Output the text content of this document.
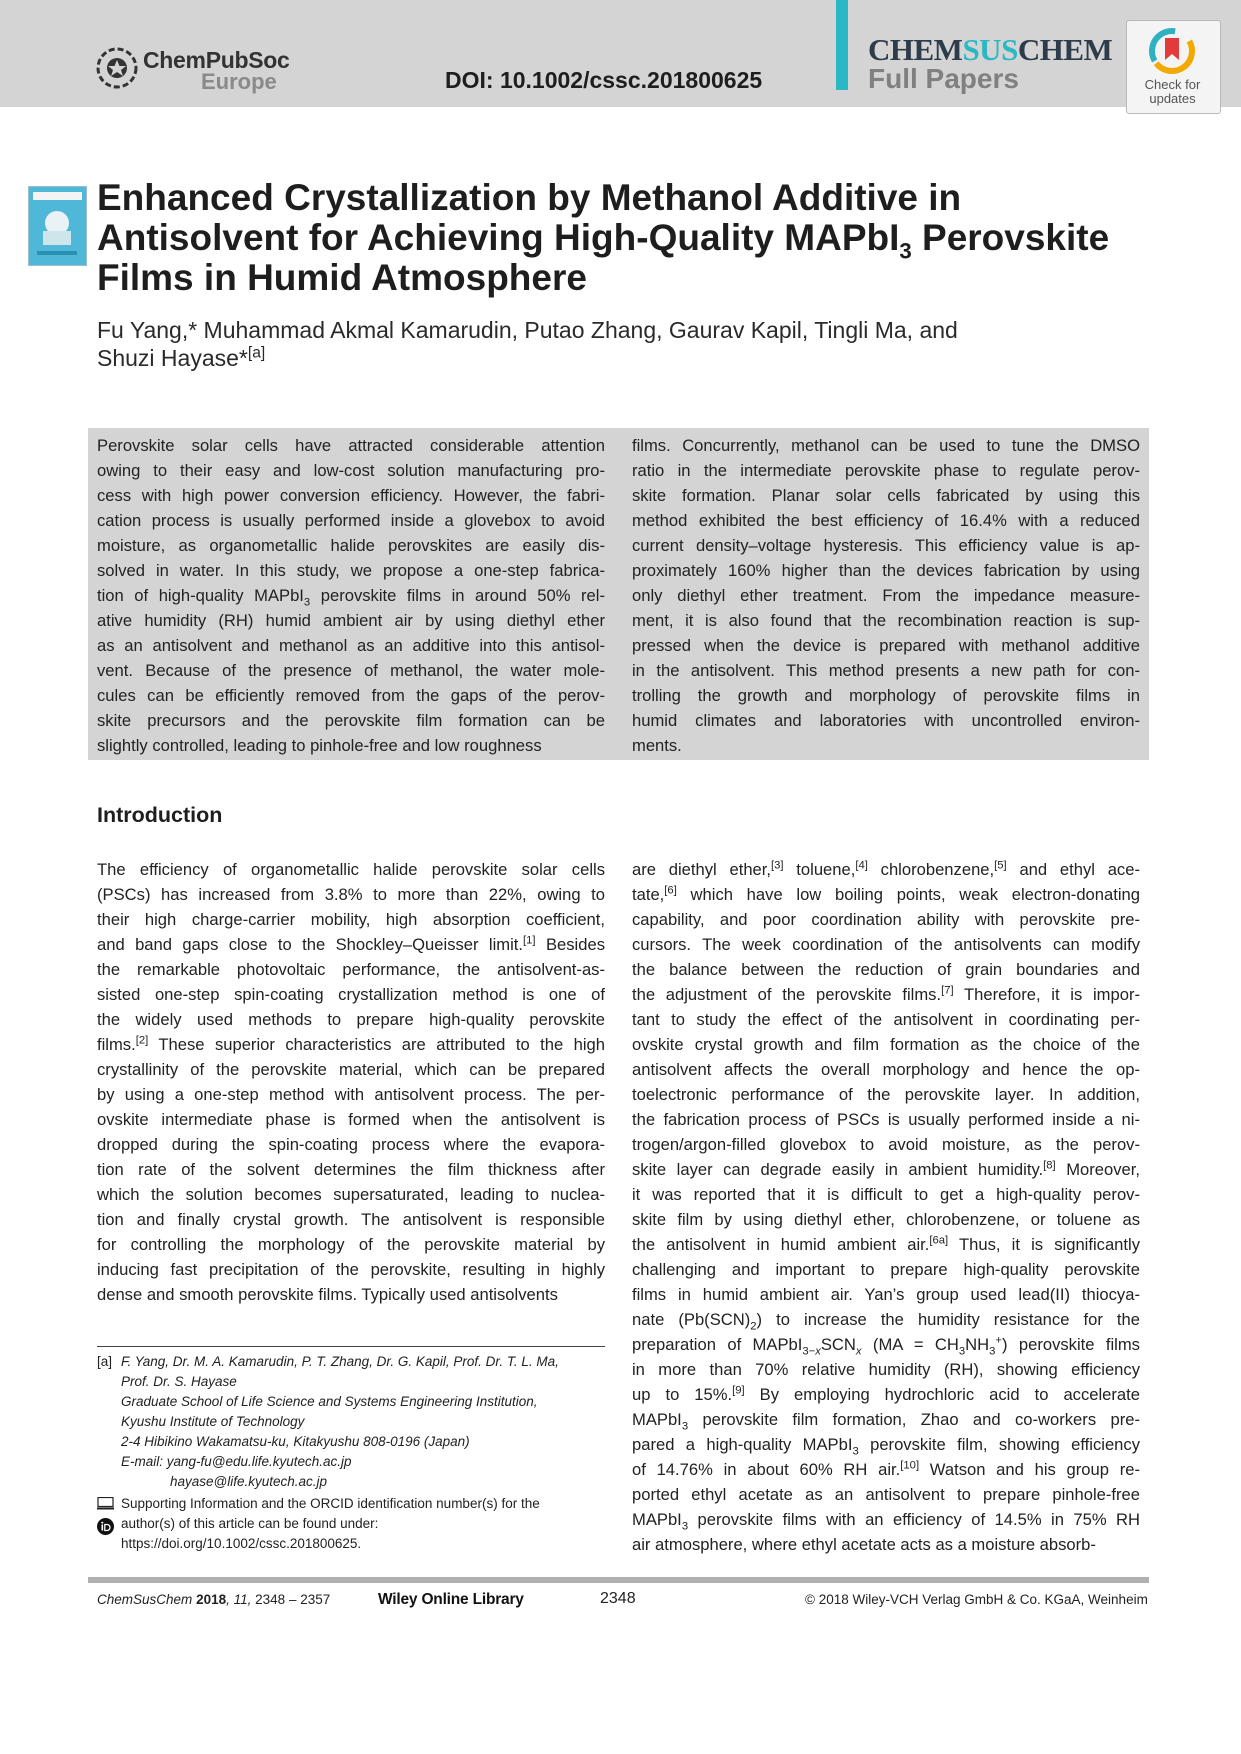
ChemPubSoc
Europe	DOI: 10.1002/cssc.201800625
CHEMSUSCHEM
Full Papers	Check for
updates
Enhanced Crystallization by Methanol Additive in Antisolvent for Achieving High-Quality MAPbI$_3$ Perovskite Films in Humid Atmosphere
Fu Yang,* Muhammad Akmal Kamarudin, Putao Zhang, Gaurav Kapil, Tingli Ma, and
Shuzi Hayase*[a]
Perovskite solar cells have attracted considerable attention
owing to their easy and low-cost solution manufacturing pro-
cess with high power conversion efficiency. However, the fabri-
cation process is usually performed inside a glovebox to avoid
moisture, as organometallic halide perovskites are easily dis-
solved in water. In this study, we propose a one-step fabrica-
tion of high-quality MAPbI$_3$ perovskite films in around 50% rel-
ative humidity (RH) humid ambient air by using diethyl ether
as an antisolvent and methanol as an additive into this antisol-
vent. Because of the presence of methanol, the water mole-
cules can be efficiently removed from the gaps of the perov-
skite precursors and the perovskite film formation can be
slightly controlled, leading to pinhole-free and low roughness
films. Concurrently, methanol can be used to tune the DMSO
ratio in the intermediate perovskite phase to regulate perov-
skite formation. Planar solar cells fabricated by using this
method exhibited the best efficiency of 16.4% with a reduced
current density–voltage hysteresis. This efficiency value is ap-
proximately 160% higher than the devices fabrication by using
only diethyl ether treatment. From the impedance measure-
ment, it is also found that the recombination reaction is sup-
pressed when the device is prepared with methanol additive
in the antisolvent. This method presents a new path for con-
trolling the growth and morphology of perovskite films in
humid climates and laboratories with uncontrolled environ-
ments.
Introduction
The efficiency of organometallic halide perovskite solar cells
(PSCs) has increased from 3.8% to more than 22%, owing to
their high charge-carrier mobility, high absorption coefficient,
and band gaps close to the Shockley–Queisser limit.[1] Besides
the remarkable photovoltaic performance, the antisolvent-as-
sisted one-step spin-coating crystallization method is one of
the widely used methods to prepare high-quality perovskite
films.[2] These superior characteristics are attributed to the high
crystallinity of the perovskite material, which can be prepared
by using a one-step method with antisolvent process. The per-
ovskite intermediate phase is formed when the antisolvent is
dropped during the spin-coating process where the evapora-
tion rate of the solvent determines the film thickness after
which the solution becomes supersaturated, leading to nuclea-
tion and finally crystal growth. The antisolvent is responsible
for controlling the morphology of the perovskite material by
inducing fast precipitation of the perovskite, resulting in highly
dense and smooth perovskite films. Typically used antisolvents
are diethyl ether,[3] toluene,[4] chlorobenzene,[5] and ethyl ace-
tate,[6] which have low boiling points, weak electron-donating
capability, and poor coordination ability with perovskite pre-
cursors. The week coordination of the antisolvents can modify
the balance between the reduction of grain boundaries and
the adjustment of the perovskite films.[7] Therefore, it is impor-
tant to study the effect of the antisolvent in coordinating per-
ovskite crystal growth and film formation as the choice of the
antisolvent affects the overall morphology and hence the op-
toelectronic performance of the perovskite layer. In addition,
the fabrication process of PSCs is usually performed inside a ni-
trogen/argon-filled glovebox to avoid moisture, as the perov-
skite layer can degrade easily in ambient humidity.[8] Moreover,
it was reported that it is difficult to get a high-quality perov-
skite film by using diethyl ether, chlorobenzene, or toluene as
the antisolvent in humid ambient air.[6a] Thus, it is significantly
challenging and important to prepare high-quality perovskite
films in humid ambient air. Yan’s group used lead(II) thiocya-
nate $(Pb(SCN)_2)$ to increase the humidity resistance for the
preparation of $MAPbI_{3-x}SCN_x$ $(MA = CH_3NH_3^+)$ perovskite films
in more than 70% relative humidity (RH), showing efficiency
up to 15%.[9] By employing hydrochloric acid to accelerate
MAPbI$_3$ perovskite film formation, Zhao and co-workers pre-
pared a high-quality MAPbI$_3$ perovskite film, showing efficiency
of 14.76% in about 60% RH air.[10] Watson and his group re-
ported ethyl acetate as an antisolvent to prepare pinhole-free
MAPbI$_3$ perovskite films with an efficiency of 14.5% in 75% RH
air atmosphere, where ethyl acetate acts as a moisture absorb-
[a] F. Yang, Dr. M. A. Kamarudin, P. T. Zhang, Dr. G. Kapil, Prof. Dr. T. L. Ma,
Prof. Dr. S. Hayase
Graduate School of Life Science and Systems Engineering Institution,
Kyushu Institute of Technology
2-4 Hibikino Wakamatsu-ku, Kitakyushu 808-0196 (Japan)
E-mail: yang-fu@edu.life.kyutech.ac.jp
hayase@life.kyutech.ac.jp
Supporting Information and the ORCID identification number(s) for the
author(s) of this article can be found under:
https://doi.org/10.1002/cssc.201800625.
ChemSusChem 2018, 11, 2348 – 2357	Wiley Online Library	2348	© 2018 Wiley-VCH Verlag GmbH & Co. KGaA, Weinheim
